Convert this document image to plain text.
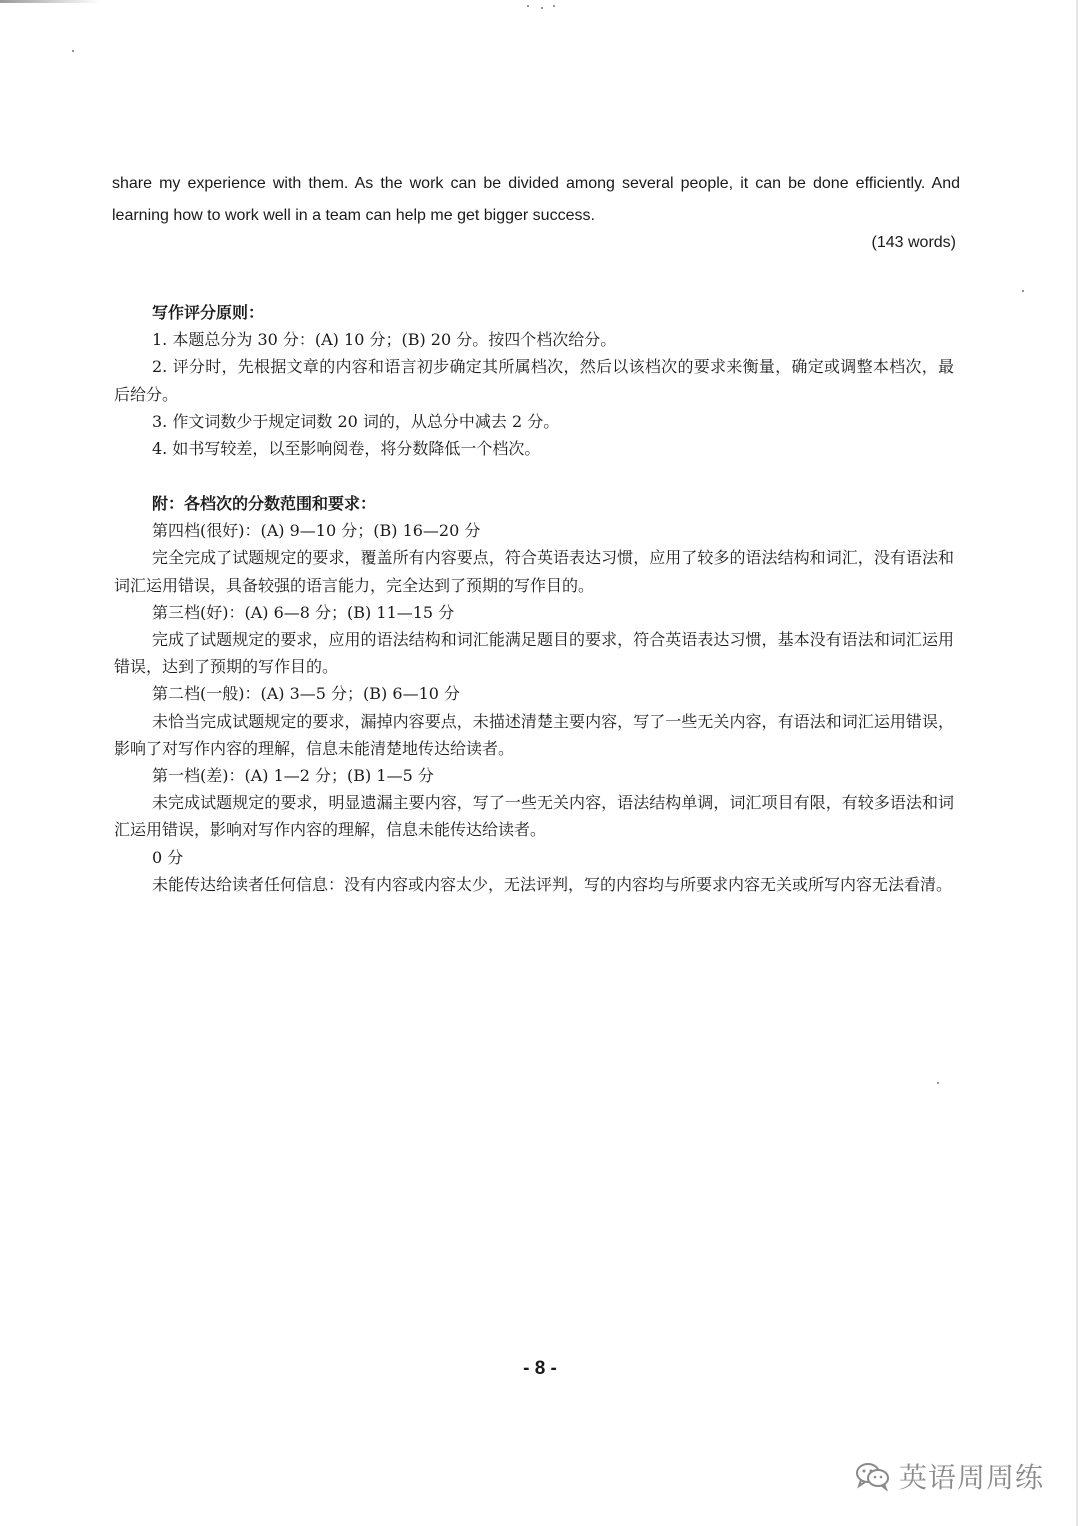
share my experience with them. As the work can be divided among several people, it can be done efficiently. And learning how to work well in a team can help me get bigger success.
(143 words)

写作评分原则：

1. 本题总分为 30 分：(A) 10 分；(B) 20 分。按四个档次给分。

2. 评分时，先根据文章的内容和语言初步确定其所属档次，然后以该档次的要求来衡量，确定或调整本档次，最后给分。

3. 作文词数少于规定词数 20 词的，从总分中减去 2 分。

4. 如书写较差，以至影响阅卷，将分数降低一个档次。

附：各档次的分数范围和要求：

第四档(很好)：(A) 9—10 分；(B) 16—20 分

完全完成了试题规定的要求，覆盖所有内容要点，符合英语表达习惯，应用了较多的语法结构和词汇，没有语法和词汇运用错误，具备较强的语言能力，完全达到了预期的写作目的。

第三档(好)：(A) 6—8 分；(B) 11—15 分

完成了试题规定的要求，应用的语法结构和词汇能满足题目的要求，符合英语表达习惯，基本没有语法和词汇运用错误，达到了预期的写作目的。

第二档(一般)：(A) 3—5 分；(B) 6—10 分

未恰当完成试题规定的要求，漏掉内容要点，未描述清楚主要内容，写了一些无关内容，有语法和词汇运用错误，影响了对写作内容的理解，信息未能清楚地传达给读者。

第一档(差)：(A) 1—2 分；(B) 1—5 分

未完成试题规定的要求，明显遗漏主要内容，写了一些无关内容，语法结构单调，词汇项目有限，有较多语法和词汇运用错误，影响对写作内容的理解，信息未能传达给读者。

0 分

未能传达给读者任何信息：没有内容或内容太少，无法评判，写的内容均与所要求内容无关或所写内容无法看清。

- 8 -
英语周周练
